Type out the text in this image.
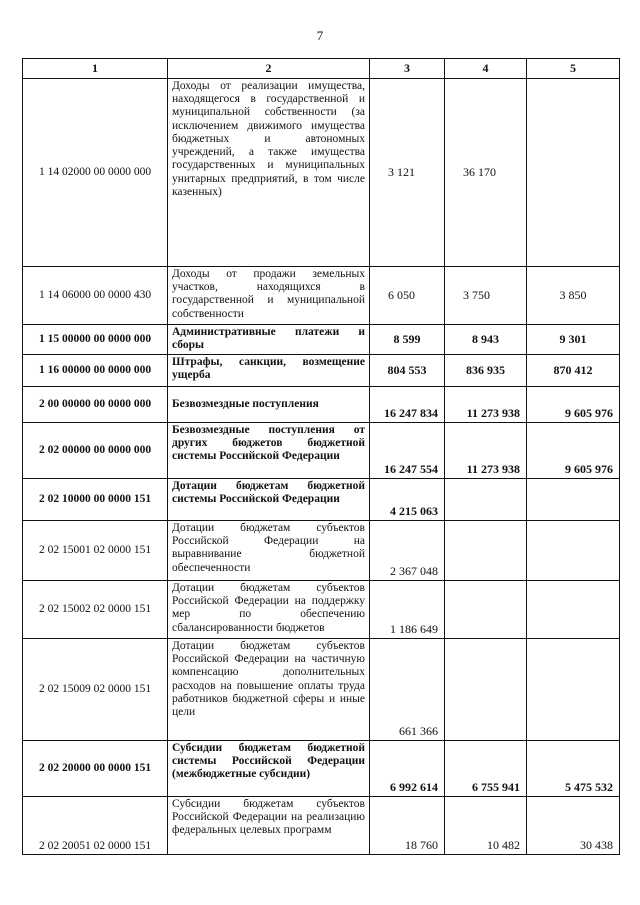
7
1	2	3	4	5
1 14 02000 00 0000 000	Доходы от реализации имущества, находящегося в государственной и муниципальной собственности (за исключением движимого имущества бюджетных и автономных учреждений, а также имущества государственных и муниципальных унитарных предприятий, в том числе казенных)	3 121	36 170	
1 14 06000 00 0000 430	Доходы от продажи земельных участков, находящихся в государственной и муниципальной собственности	6 050	3 750	3 850
1 15 00000 00 0000 000	Административные платежи и сборы	8 599	8 943	9 301
1 16 00000 00 0000 000	Штрафы, санкции, возмещение ущерба	804 553	836 935	870 412
2 00 00000 00 0000 000	Безвозмездные поступления	16 247 834	11 273 938	9 605 976
2 02 00000 00 0000 000	Безвозмездные поступления от других бюджетов бюджетной системы Российской Федерации	16 247 554	11 273 938	9 605 976
2 02 10000 00 0000 151	Дотации бюджетам бюджетной системы Российской Федерации	4 215 063		
2 02 15001 02 0000 151	Дотации бюджетам субъектов Российской Федерации на выравнивание бюджетной обеспеченности	2 367 048		
2 02 15002 02 0000 151	Дотации бюджетам субъектов Российской Федерации на поддержку мер по обеспечению сбалансированности бюджетов	1 186 649		
2 02 15009 02 0000 151	Дотации бюджетам субъектов Российской Федерации на частичную компенсацию дополнительных расходов на повышение оплаты труда работников бюджетной сферы и иные цели	661 366		
2 02 20000 00 0000 151	Субсидии бюджетам бюджетной системы Российской Федерации (межбюджетные субсидии)	6 992 614	6 755 941	5 475 532
2 02 20051 02 0000 151	Субсидии бюджетам субъектов Российской Федерации на реализацию федеральных целевых программ	18 760	10 482	30 438
